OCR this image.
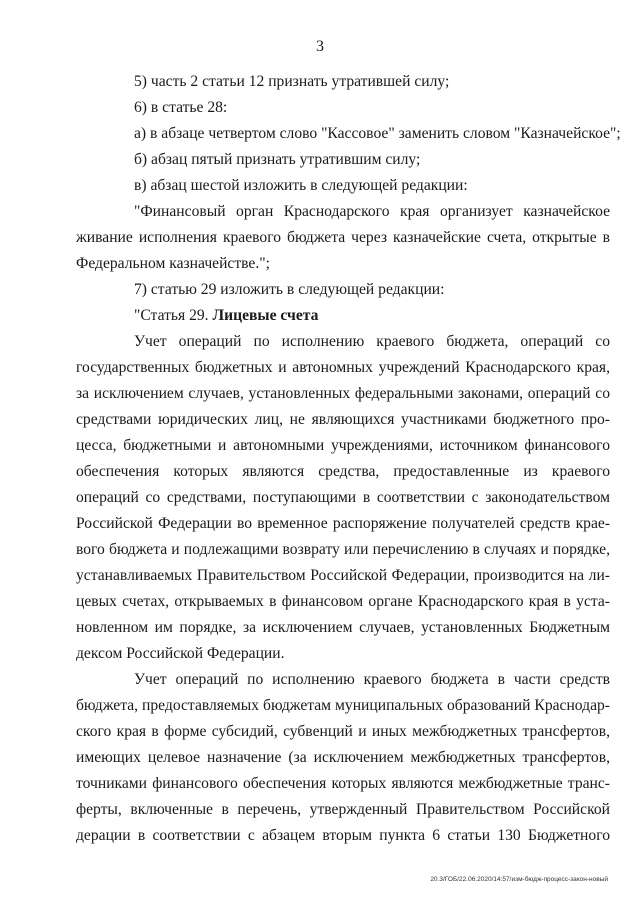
3
5) часть 2 статьи 12 признать утратившей силу;
6) в статье 28:
а) в абзаце четвертом слово "Кассовое" заменить словом "Казначейское";
б) абзац пятый признать утратившим силу;
в) абзац шестой изложить в следующей редакции:
"Финансовый орган Краснодарского края организует казначейское
живание исполнения краевого бюджета через казначейские счета, открытые в
Федеральном казначействе.";
7) статью 29 изложить в следующей редакции:
"Статья 29. Лицевые счета
Учет операций по исполнению краевого бюджета, операций со
государственных бюджетных и автономных учреждений Краснодарского края,
за исключением случаев, установленных федеральными законами, операций со
средствами юридических лиц, не являющихся участниками бюджетного про-
цесса, бюджетными и автономными учреждениями, источником финансового
обеспечения которых являются средства, предоставленные из краевого
операций со средствами, поступающими в соответствии с законодательством
Российской Федерации во временное распоряжение получателей средств крае-
вого бюджета и подлежащими возврату или перечислению в случаях и порядке,
устанавливаемых Правительством Российской Федерации, производится на ли-
цевых счетах, открываемых в финансовом органе Краснодарского края в уста-
новленном им порядке, за исключением случаев, установленных Бюджетным
дексом Российской Федерации.
Учет операций по исполнению краевого бюджета в части средств
бюджета, предоставляемых бюджетам муниципальных образований Краснодар-
ского края в форме субсидий, субвенций и иных межбюджетных трансфертов,
имеющих целевое назначение (за исключением межбюджетных трансфертов,
точниками финансового обеспечения которых являются межбюджетные транс-
ферты, включенные в перечень, утвержденный Правительством Российской
дерации в соответствии с абзацем вторым пункта 6 статьи 130 Бюджетного
20.3/ГОБ/22.06.2020/14:57/изм-бюдж-процесс-закон-новый
